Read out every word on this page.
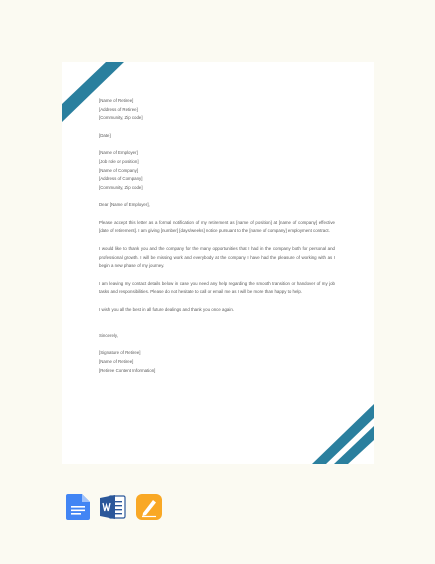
[Name of Retiree]
[Address of Retiree]
[Community, Zip code]
[Date]
[Name of Employer]
[Job role or position]
[Name of Company]
[Address of Company]
[Community, Zip code]
Dear [Name of Employer],

Please accept this letter as a formal notification of my retirement as [name of position] at [name of company] effective [date of retirement]. I am giving [number] [days/weeks] notice pursuant to the [name of company] employment contract.

I would like to thank you and the company for the many opportunities that I had in the company both for personal and professional growth. I will be missing work and everybody at the company I have had the pleasure of working with as I begin a new phase of my journey.

I am leaving my contact details below in case you need any help regarding the smooth transition or handover of my job tasks and responsibilities. Please do not hesitate to call or email me as I will be more than happy to help.

I wish you all the best in all future dealings and thank you once again.

Sincerely,
[Signature of Retiree]
[Name of Retiree]
[Retiree Content Information]
